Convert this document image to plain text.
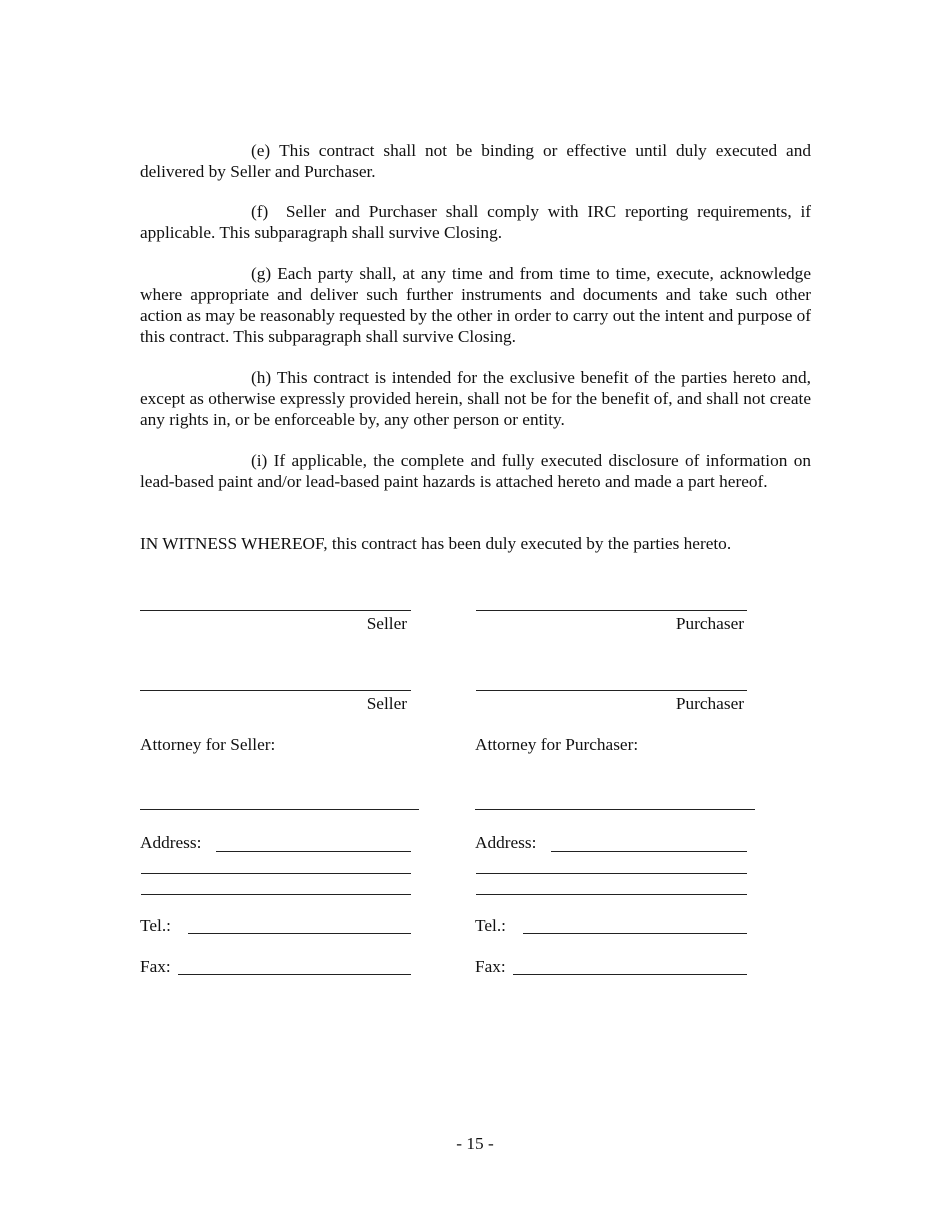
(e) This contract shall not be binding or effective until duly executed and delivered by Seller and Purchaser.

(f)  Seller and Purchaser shall comply with IRC reporting requirements, if applicable. This subparagraph shall survive Closing.

(g) Each party shall, at any time and from time to time, execute, acknowledge where appropriate and deliver such further instruments and documents and take such other action as may be reasonably requested by the other in order to carry out the intent and purpose of this contract. This subparagraph shall survive Closing.

(h) This contract is intended for the exclusive benefit of the parties hereto and, except as otherwise expressly provided herein, shall not be for the benefit of, and shall not create any rights in, or be enforceable by, any other person or entity.

(i) If applicable, the complete and fully executed disclosure of information on lead-based paint and/or lead-based paint hazards is attached hereto and made a part hereof.

IN WITNESS WHEREOF, this contract has been duly executed by the parties hereto.

Seller	Purchaser
Seller	Purchaser
Attorney for Seller:	Attorney for Purchaser:
Address:	Address:
Tel.:	Tel.:
Fax:	Fax:
- 15 -
